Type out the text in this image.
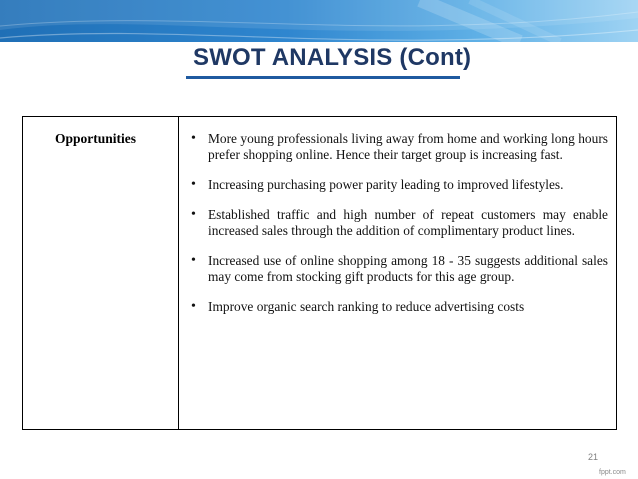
SWOT ANALYSIS (Cont)
Opportunities	• More young professionals living away from home and working long hours prefer shopping online. Hence their target group is increasing fast.
• Increasing purchasing power parity leading to improved lifestyles.
• Established traffic and high number of repeat customers may enable increased sales through the addition of complimentary product lines.
• Increased use of online shopping among 18 - 35 suggests additional sales may come from stocking gift products for this age group.
• Improve organic search ranking to reduce advertising costs
21
fppt.com
